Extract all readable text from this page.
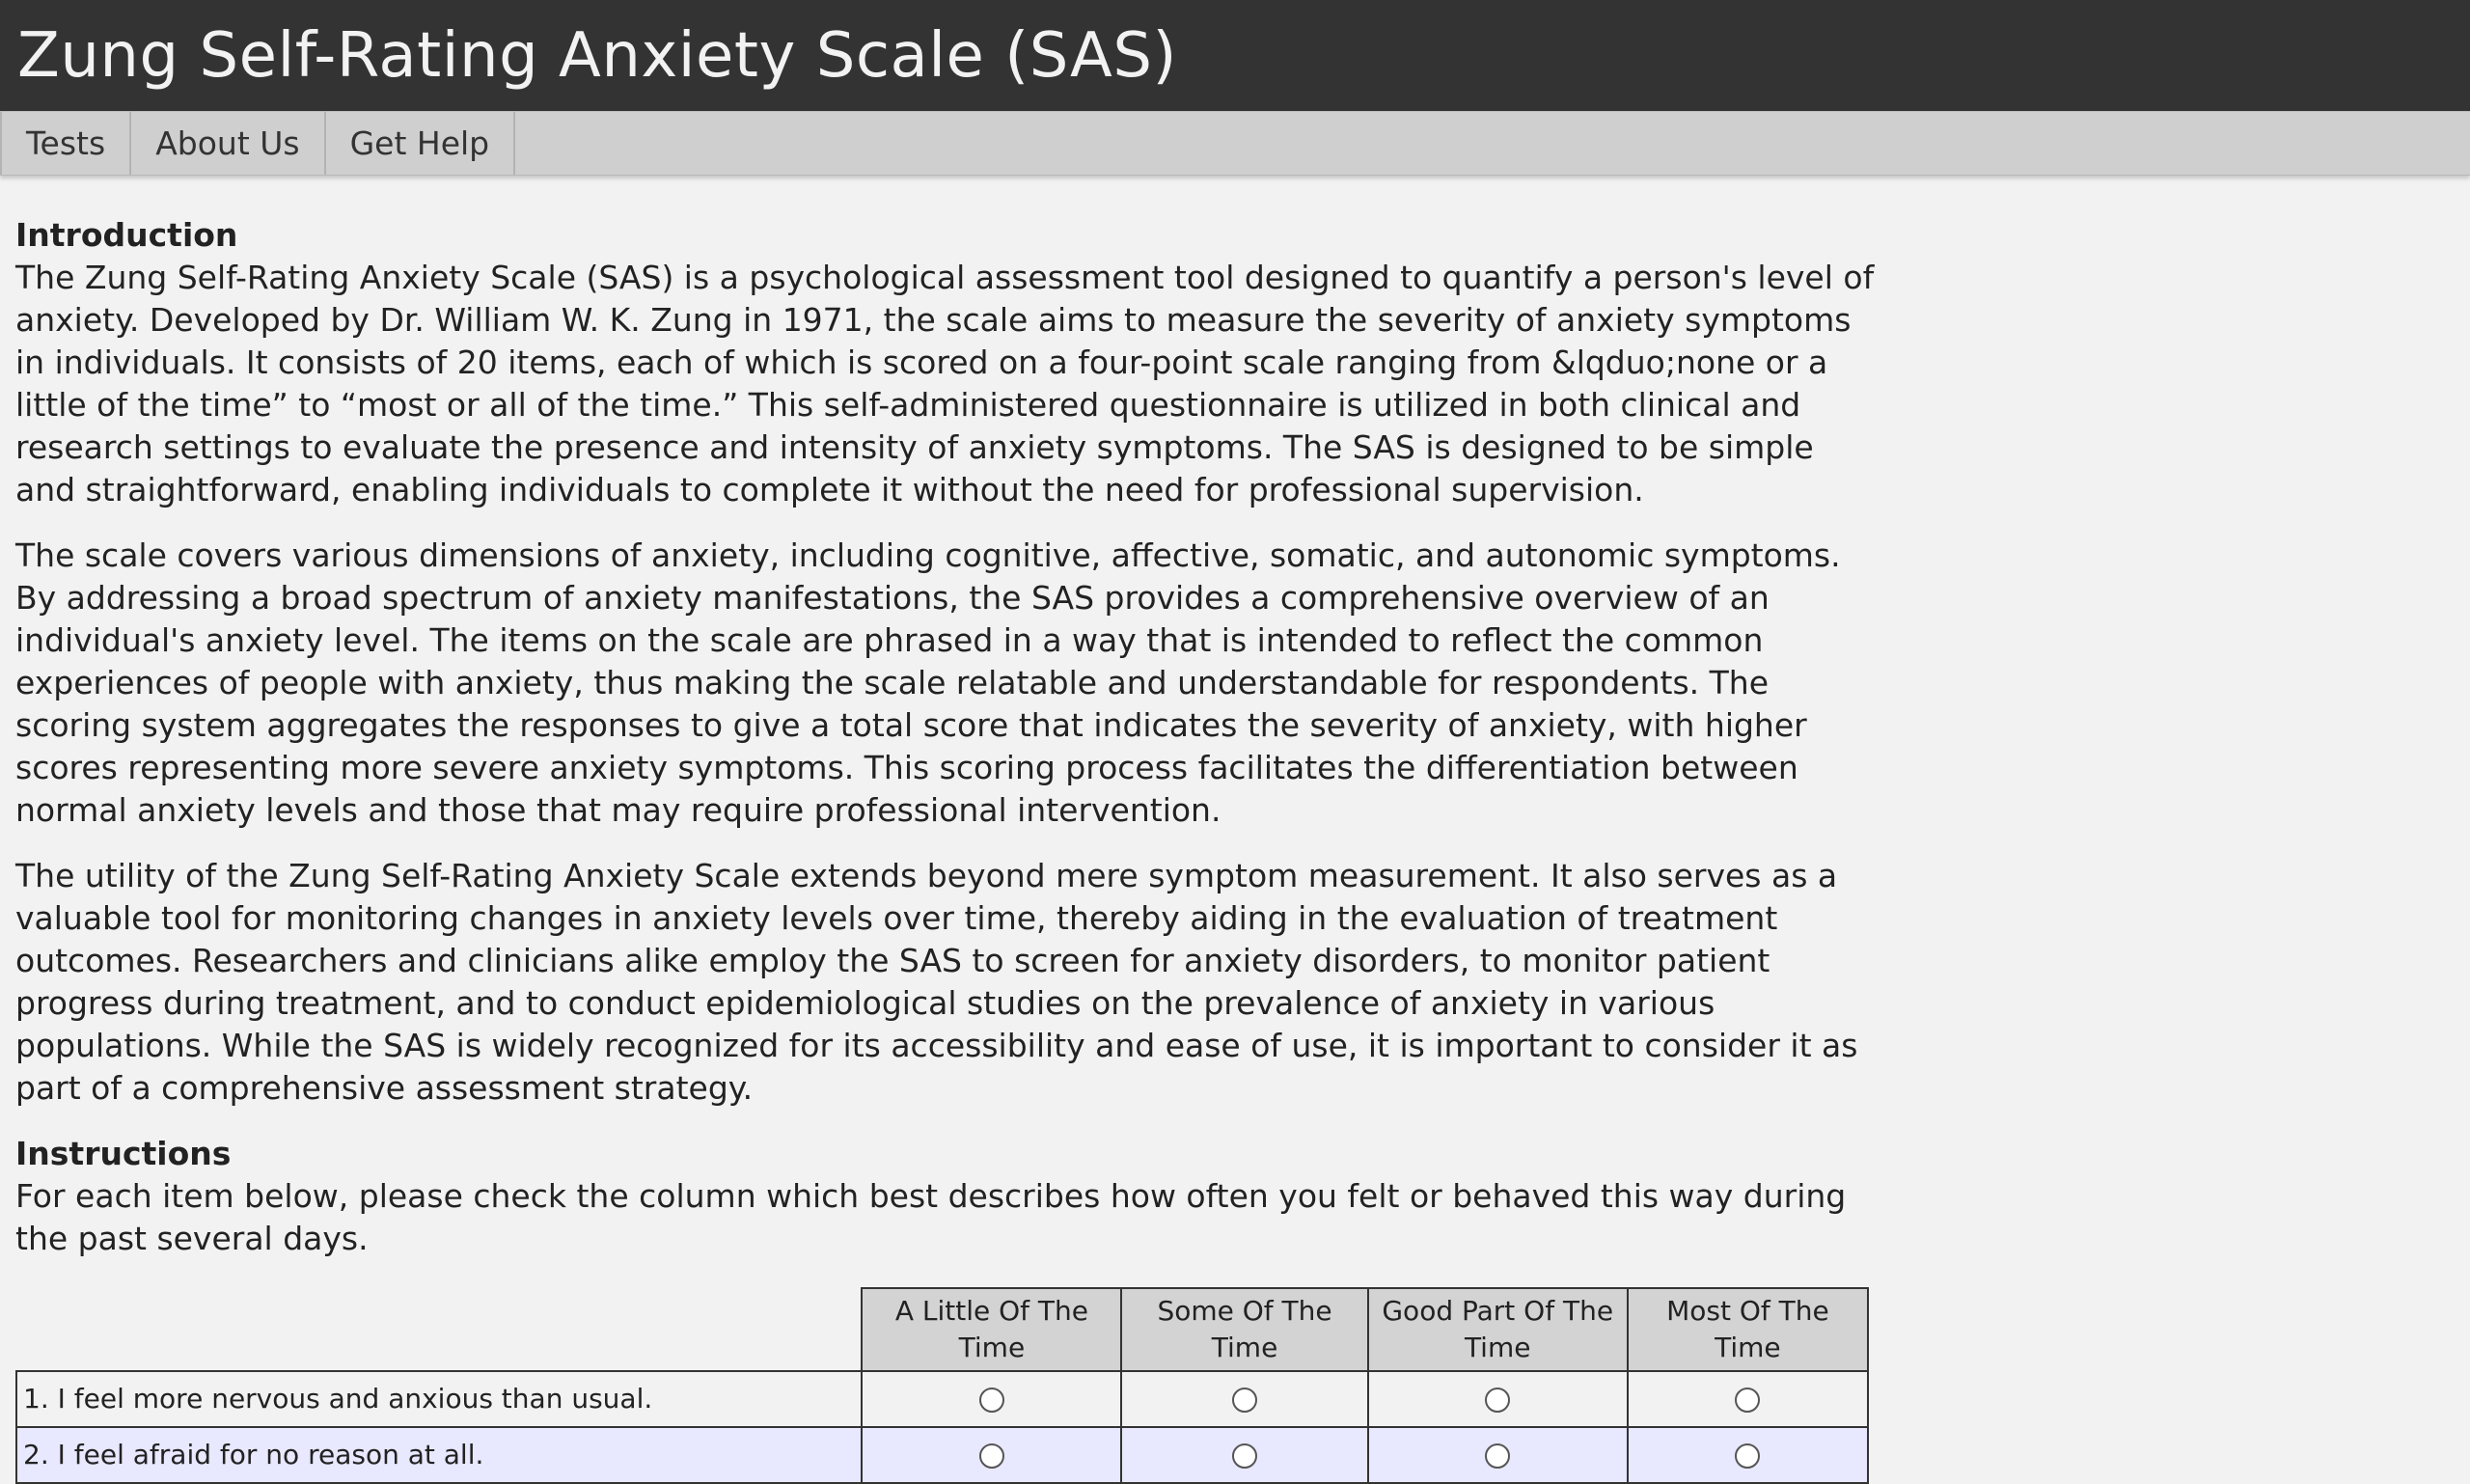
Zung Self-Rating Anxiety Scale (SAS)
Tests	About Us	Get Help

Introduction

The Zung Self-Rating Anxiety Scale (SAS) is a psychological assessment tool designed to quantify a person's level of anxiety. Developed by Dr. William W. K. Zung in 1971, the scale aims to measure the severity of anxiety symptoms in individuals. It consists of 20 items, each of which is scored on a four-point scale ranging from &lqduo;none or a little of the time” to “most or all of the time.” This self-administered questionnaire is utilized in both clinical and research settings to evaluate the presence and intensity of anxiety symptoms. The SAS is designed to be simple and straightforward, enabling individuals to complete it without the need for professional supervision.

The scale covers various dimensions of anxiety, including cognitive, affective, somatic, and autonomic symptoms. By addressing a broad spectrum of anxiety manifestations, the SAS provides a comprehensive overview of an individual's anxiety level. The items on the scale are phrased in a way that is intended to reflect the common experiences of people with anxiety, thus making the scale relatable and understandable for respondents. The scoring system aggregates the responses to give a total score that indicates the severity of anxiety, with higher scores representing more severe anxiety symptoms. This scoring process facilitates the differentiation between normal anxiety levels and those that may require professional intervention.

The utility of the Zung Self-Rating Anxiety Scale extends beyond mere symptom measurement. It also serves as a valuable tool for monitoring changes in anxiety levels over time, thereby aiding in the evaluation of treatment outcomes. Researchers and clinicians alike employ the SAS to screen for anxiety disorders, to monitor patient progress during treatment, and to conduct epidemiological studies on the prevalence of anxiety in various populations. While the SAS is widely recognized for its accessibility and ease of use, it is important to consider it as part of a comprehensive assessment strategy.

Instructions

For each item below, please check the column which best describes how often you felt or behaved this way during the past several days.

	A Little Of The Time	Some Of The Time	Good Part Of The Time	Most Of The Time
1. I feel more nervous and anxious than usual.				
2. I feel afraid for no reason at all.				
